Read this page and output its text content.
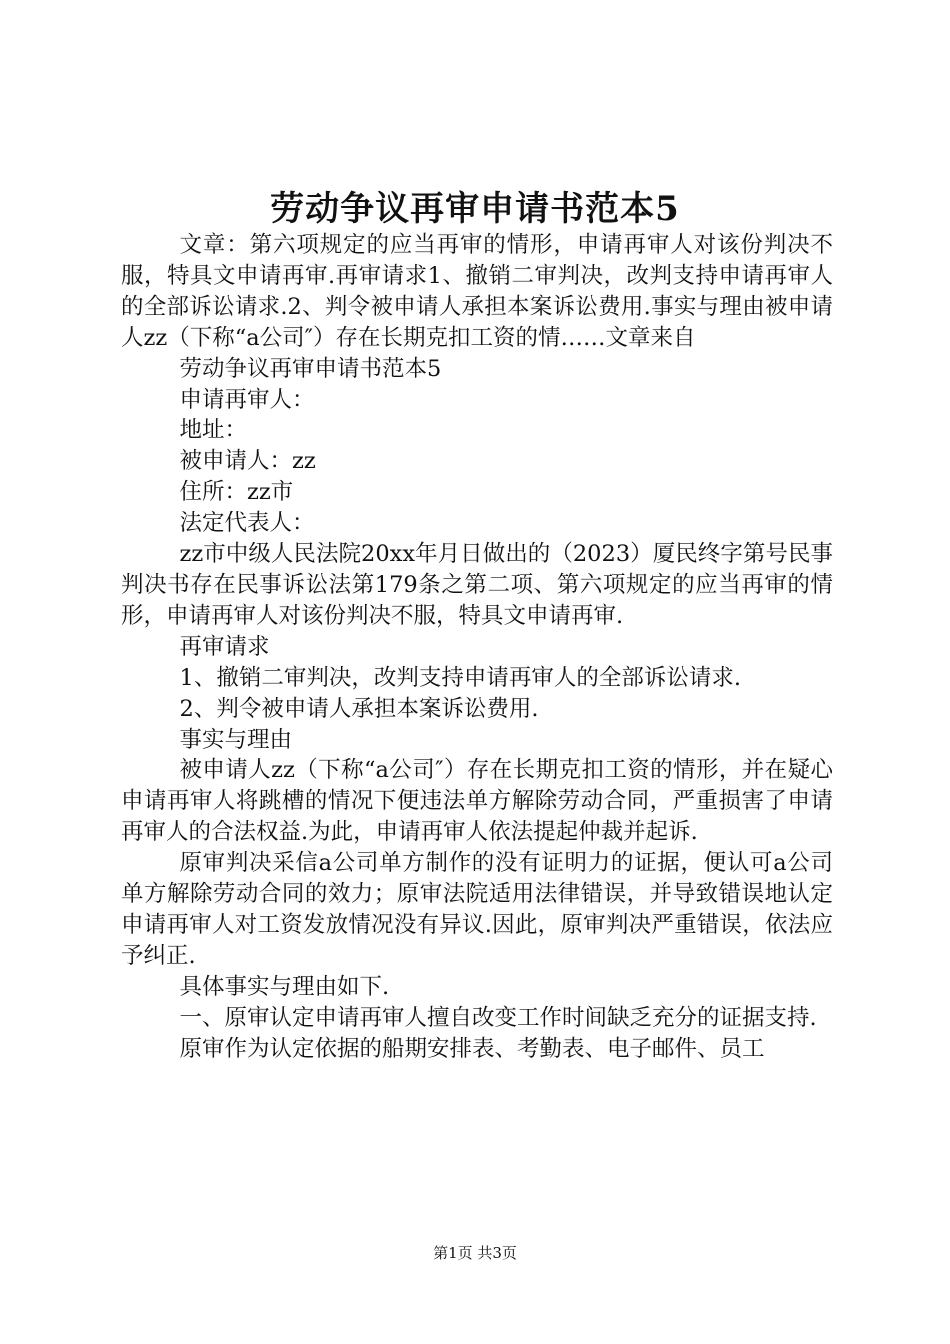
劳动争议再审申请书范本5

文章：第六项规定的应当再审的情形，申请再审人对该份判决不服，特具文申请再审.再审请求1、撤销二审判决，改判支持申请再审人的全部诉讼请求.2、判令被申请人承担本案诉讼费用.事实与理由被申请人zz（下称“a公司″）存在长期克扣工资的情……文章来自

劳动争议再审申请书范本5

申请再审人：

地址：

被申请人：zz

住所：zz市

法定代表人：

zz市中级人民法院20xx年月日做出的（2023）厦民终字第号民事判决书存在民事诉讼法第179条之第二项、第六项规定的应当再审的情形，申请再审人对该份判决不服，特具文申请再审.

再审请求

1、撤销二审判决，改判支持申请再审人的全部诉讼请求.

2、判令被申请人承担本案诉讼费用.

事实与理由

被申请人zz（下称“a公司″）存在长期克扣工资的情形，并在疑心申请再审人将跳槽的情况下便违法单方解除劳动合同，严重损害了申请再审人的合法权益.为此，申请再审人依法提起仲裁并起诉.

原审判决采信a公司单方制作的没有证明力的证据，便认可a公司单方解除劳动合同的效力；原审法院适用法律错误，并导致错误地认定申请再审人对工资发放情况没有异议.因此，原审判决严重错误，依法应予纠正.

具体事实与理由如下.

一、原审认定申请再审人擅自改变工作时间缺乏充分的证据支持.

原审作为认定依据的船期安排表、考勤表、电子邮件、员工

第1页 共3页
